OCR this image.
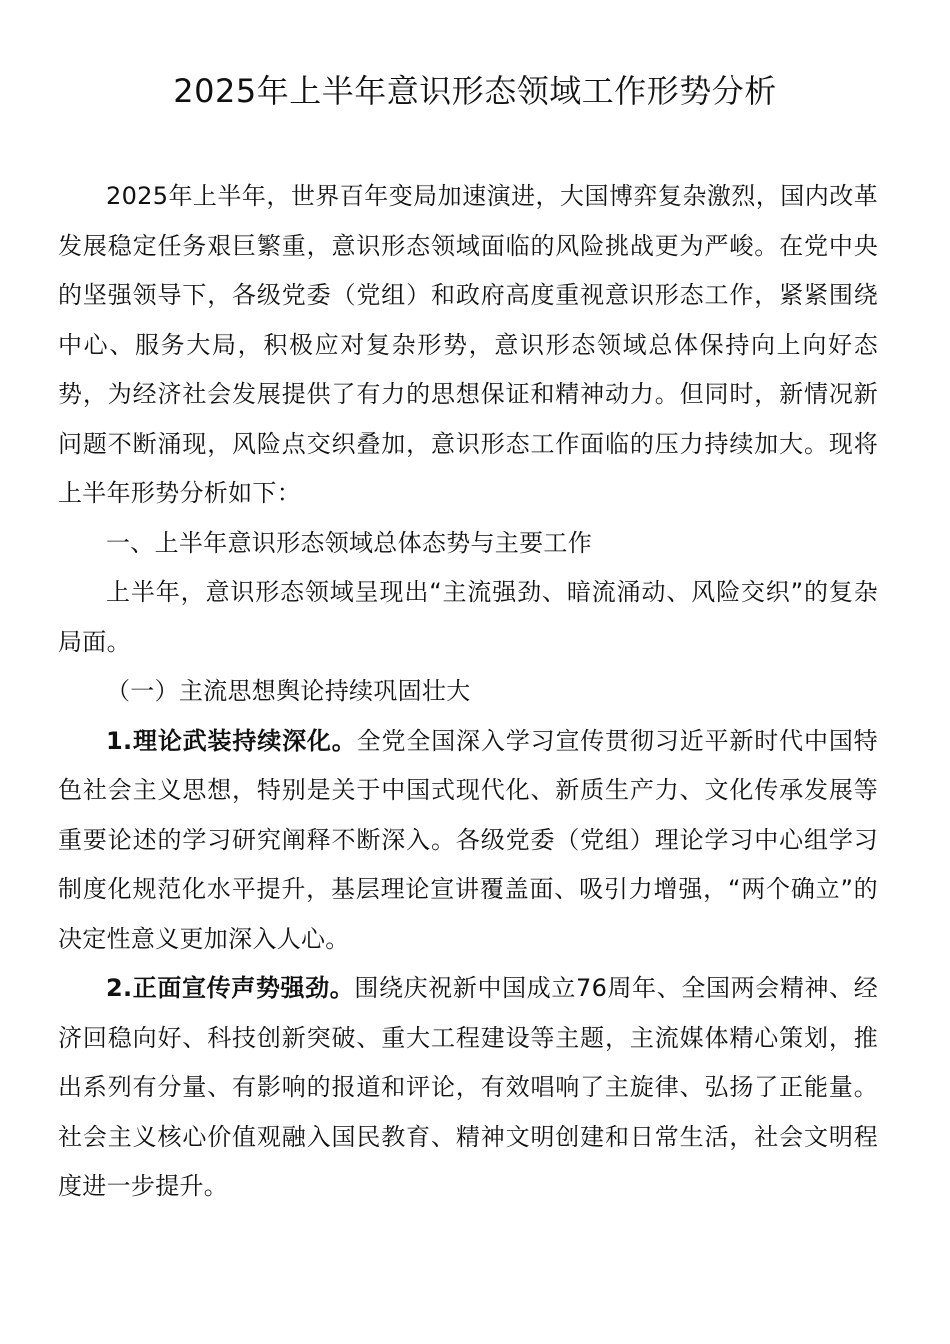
2025年上半年意识形态领域工作形势分析

2025年上半年，世界百年变局加速演进，大国博弈复杂激烈，国内改革发展稳定任务艰巨繁重，意识形态领域面临的风险挑战更为严峻。在党中央的坚强领导下，各级党委（党组）和政府高度重视意识形态工作，紧紧围绕中心、服务大局，积极应对复杂形势，意识形态领域总体保持向上向好态势，为经济社会发展提供了有力的思想保证和精神动力。但同时，新情况新问题不断涌现，风险点交织叠加，意识形态工作面临的压力持续加大。现将上半年形势分析如下：

一、上半年意识形态领域总体态势与主要工作

上半年，意识形态领域呈现出“主流强劲、暗流涌动、风险交织”的复杂局面。

（一）主流思想舆论持续巩固壮大

1.理论武装持续深化。全党全国深入学习宣传贯彻习近平新时代中国特色社会主义思想，特别是关于中国式现代化、新质生产力、文化传承发展等重要论述的学习研究阐释不断深入。各级党委（党组）理论学习中心组学习制度化规范化水平提升，基层理论宣讲覆盖面、吸引力增强，“两个确立”的决定性意义更加深入人心。

2.正面宣传声势强劲。围绕庆祝新中国成立76周年、全国两会精神、经济回稳向好、科技创新突破、重大工程建设等主题，主流媒体精心策划，推出系列有分量、有影响的报道和评论，有效唱响了主旋律、弘扬了正能量。社会主义核心价值观融入国民教育、精神文明创建和日常生活，社会文明程度进一步提升。
